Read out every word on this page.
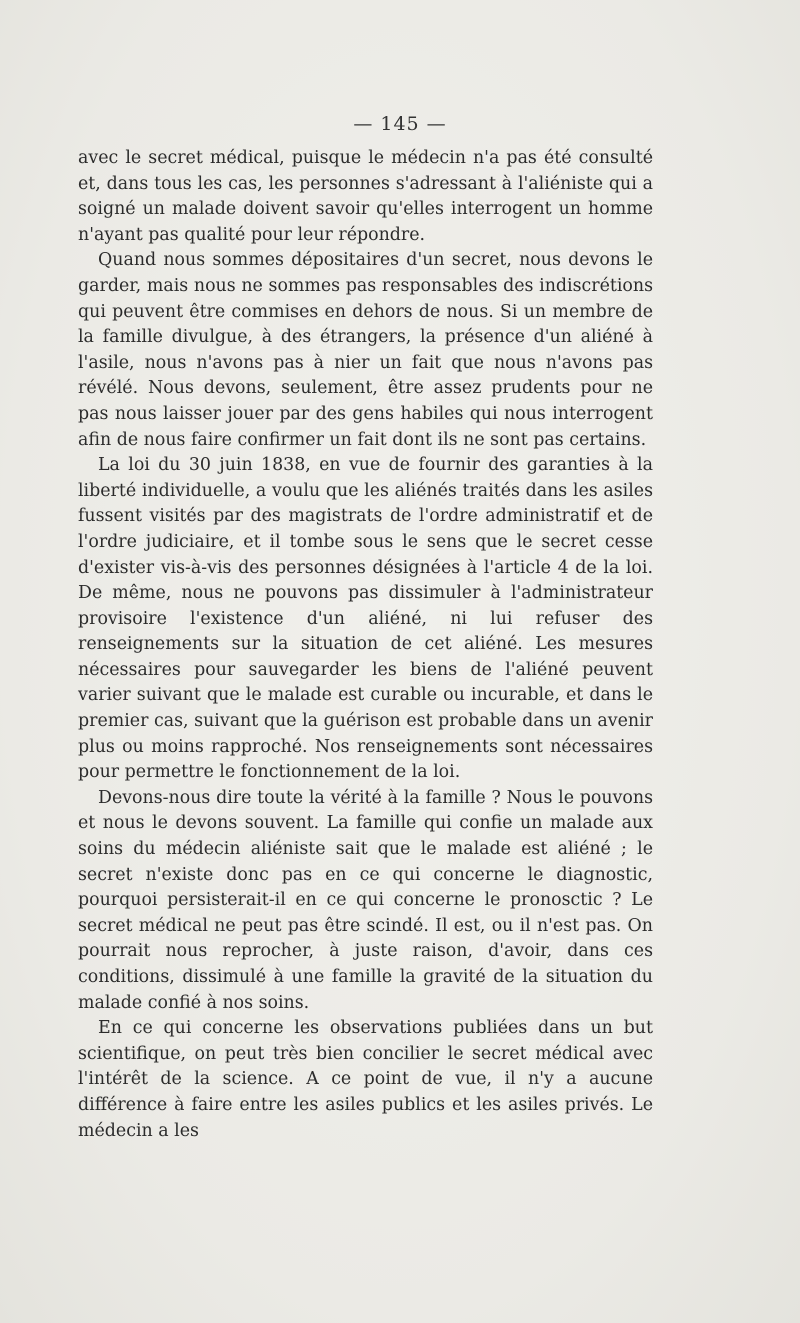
— 145 —

avec le secret médical, puisque le médecin n'a pas été consulté et, dans tous les cas, les personnes s'adressant à l'aliéniste qui a soigné un malade doivent savoir qu'elles interrogent un homme n'ayant pas qualité pour leur répondre.

Quand nous sommes dépositaires d'un secret, nous devons le garder, mais nous ne sommes pas responsables des indiscrétions qui peuvent être commises en dehors de nous. Si un membre de la famille divulgue, à des étrangers, la présence d'un aliéné à l'asile, nous n'avons pas à nier un fait que nous n'avons pas révélé. Nous devons, seulement, être assez prudents pour ne pas nous laisser jouer par des gens habiles qui nous interrogent afin de nous faire confirmer un fait dont ils ne sont pas certains.

La loi du 30 juin 1838, en vue de fournir des garanties à la liberté individuelle, a voulu que les aliénés traités dans les asiles fussent visités par des magistrats de l'ordre administratif et de l'ordre judiciaire, et il tombe sous le sens que le secret cesse d'exister vis-à-vis des personnes désignées à l'article 4 de la loi. De même, nous ne pouvons pas dissimuler à l'administrateur provisoire l'existence d'un aliéné, ni lui refuser des renseignements sur la situation de cet aliéné. Les mesures nécessaires pour sauvegarder les biens de l'aliéné peuvent varier suivant que le malade est curable ou incurable, et dans le premier cas, suivant que la guérison est probable dans un avenir plus ou moins rapproché. Nos renseignements sont nécessaires pour permettre le fonctionnement de la loi.

Devons-nous dire toute la vérité à la famille ? Nous le pouvons et nous le devons souvent. La famille qui confie un malade aux soins du médecin aliéniste sait que le malade est aliéné ; le secret n'existe donc pas en ce qui concerne le diagnostic, pourquoi persisterait-il en ce qui concerne le pronosctic ? Le secret médical ne peut pas être scindé. Il est, ou il n'est pas. On pourrait nous reprocher, à juste raison, d'avoir, dans ces conditions, dissimulé à une famille la gravité de la situation du malade confié à nos soins.

En ce qui concerne les observations publiées dans un but scientifique, on peut très bien concilier le secret médical avec l'intérêt de la science. A ce point de vue, il n'y a aucune différence à faire entre les asiles publics et les asiles privés. Le médecin a les
